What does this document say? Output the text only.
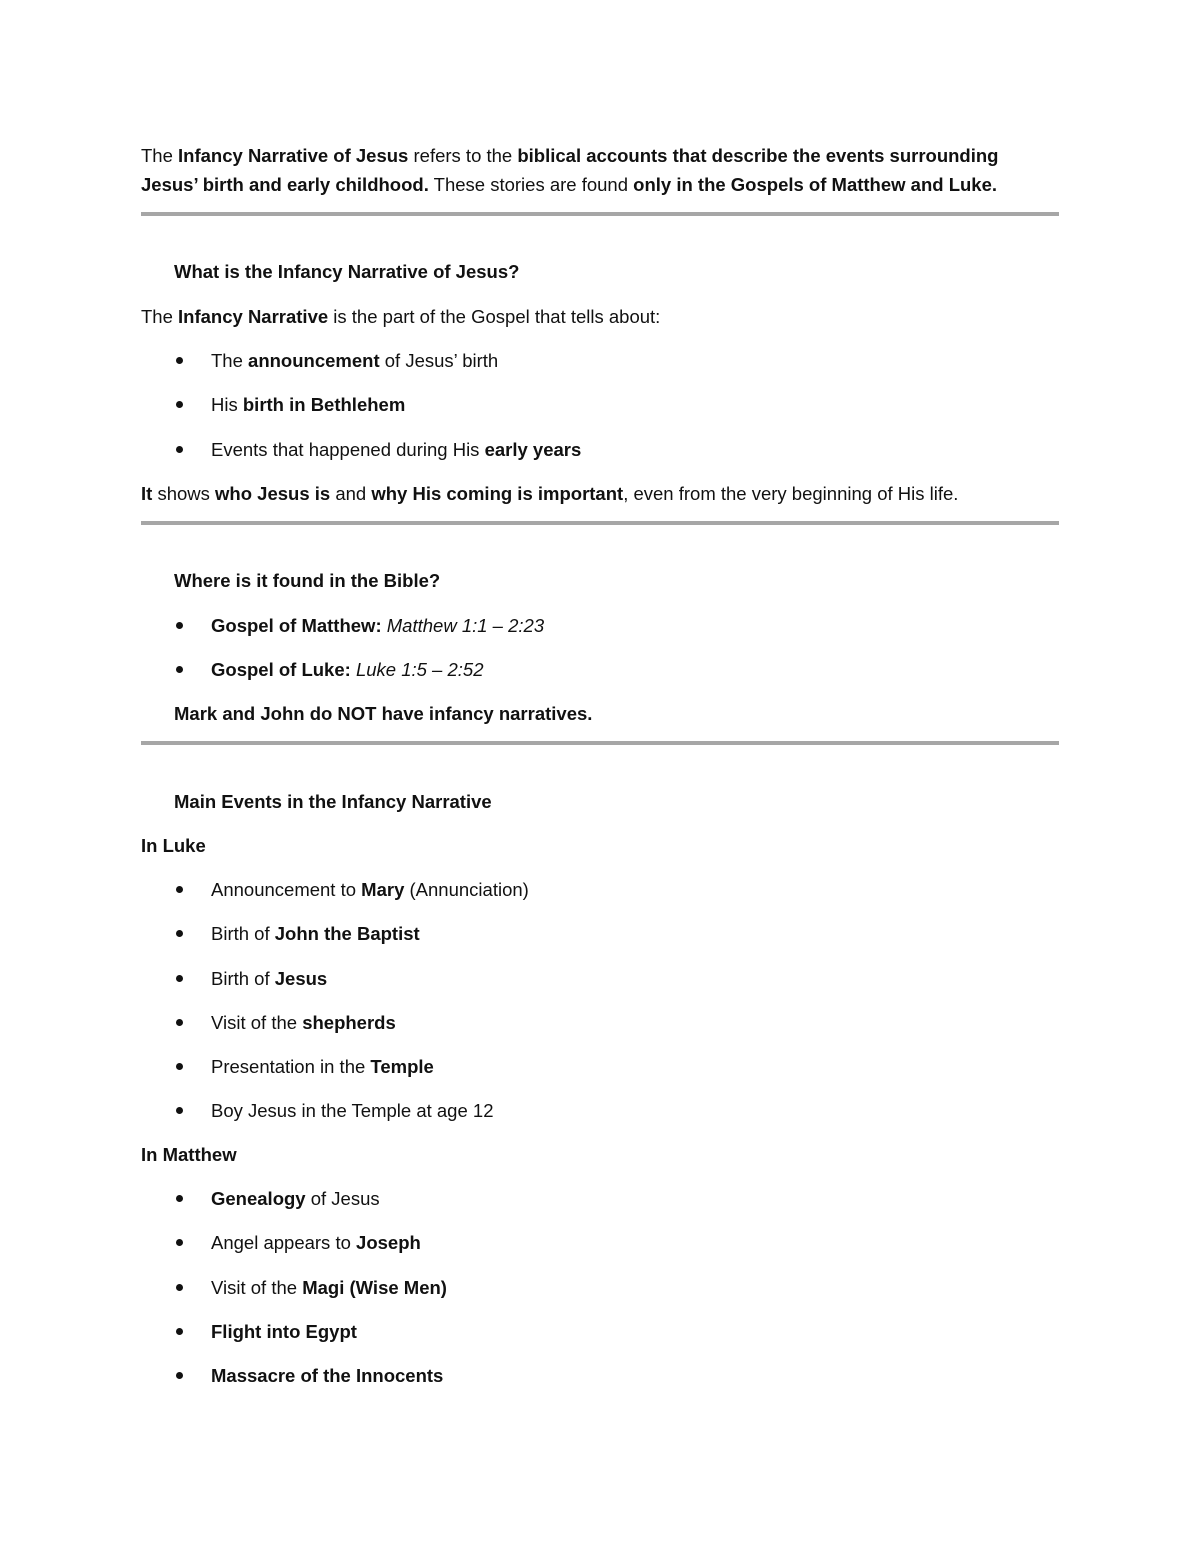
The Infancy Narrative of Jesus refers to the biblical accounts that describe the events surrounding Jesus’ birth and early childhood. These stories are found only in the Gospels of Matthew and Luke.

What is the Infancy Narrative of Jesus?

The Infancy Narrative is the part of the Gospel that tells about:

The announcement of Jesus’ birth
His birth in Bethlehem
Events that happened during His early years

It shows who Jesus is and why His coming is important, even from the very beginning of His life.

Where is it found in the Bible?
Gospel of Matthew: Matthew 1:1 – 2:23
Gospel of Luke: Luke 1:5 – 2:52

Mark and John do NOT have infancy narratives.

Main Events in the Infancy Narrative
In Luke
Announcement to Mary (Annunciation)
Birth of John the Baptist
Birth of Jesus
Visit of the shepherds
Presentation in the Temple
Boy Jesus in the Temple at age 12
In Matthew
Genealogy of Jesus
Angel appears to Joseph
Visit of the Magi (Wise Men)
Flight into Egypt
Massacre of the Innocents
